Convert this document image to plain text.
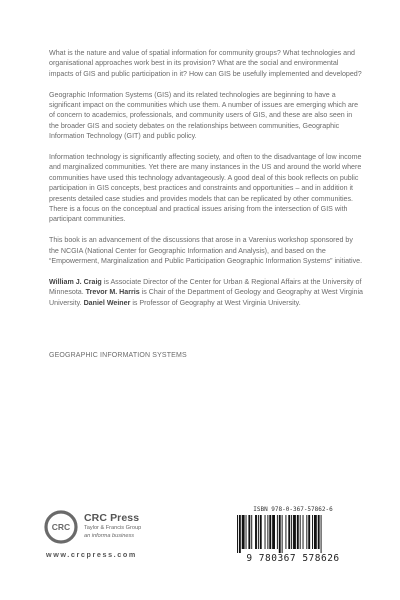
What is the nature and value of spatial information for community groups? What technologies and organisational approaches work best in its provision? What are the social and environmental impacts of GIS and public participation in it? How can GIS be usefully implemented and developed?

Geographic Information Systems (GIS) and its related technologies are beginning to have a significant impact on the communities which use them. A number of issues are emerging which are of concern to academics, professionals, and community users of GIS, and these are also seen in the broader GIS and society debates on the relationships between communities, Geographic Information Technology (GIT) and public policy.

Information technology is significantly affecting society, and often to the disadvantage of low income and marginalized communities. Yet there are many instances in the US and around the world where communities have used this technology advantageously. A good deal of this book reflects on public participation in GIS concepts, best practices and constraints and opportunities – and in addition it presents detailed case studies and provides models that can be replicated by other communities. There is a focus on the conceptual and practical issues arising from the intersection of GIS with participant communities.

This book is an advancement of the discussions that arose in a Varenius workshop sponsored by the NCGIA (National Center for Geographic Information and Analysis), and based on the “Empowerment, Marginalization and Public Participation Geographic Information Systems” initiative.

William J. Craig is Associate Director of the Center for Urban & Regional Affairs at the University of Minnesota. Trevor M. Harris is Chair of the Department of Geology and Geography at West Virginia University. Daniel Weiner is Professor of Geography at West Virginia University.

GEOGRAPHIC INFORMATION SYSTEMS
CRC
CRC Press
Taylor & Francis Group
an informa business
www.crcpress.com
ISBN 978-0-367-57862-6
9 780367 578626
